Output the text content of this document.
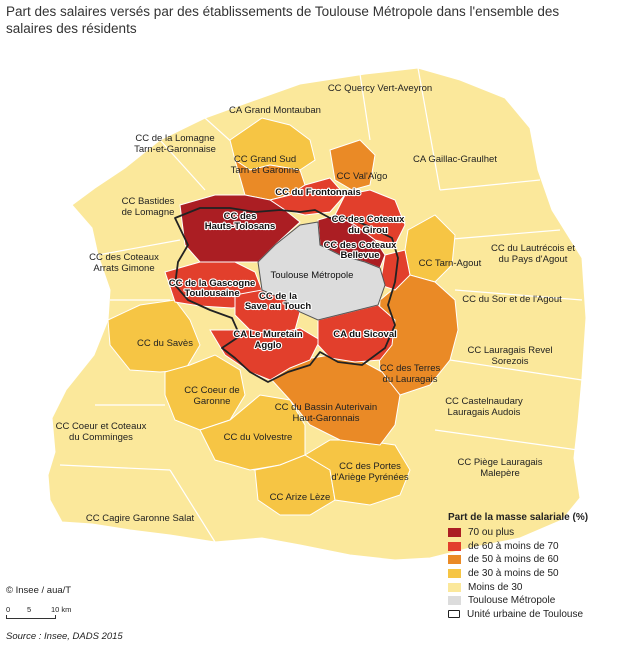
Part des salaires versés par des établissements de Toulouse Métropole dans l'ensemble des salaires des résidents
CC Quercy Vert-Aveyron
CA Grand Montauban
CC de la Lomagne
Tarn-et-Garonnaise
CA Gaillac-Graulhet
CC Grand Sud
Tarn et Garonne
CC Val'Aïgo
CC du Frontonnais
CC Bastides
de Lomagne	CC des
Hauts-Tolosans
CC des Coteaux
du Girou
CC des Coteaux
Bellevue
CC du Lautrécois et
du Pays d'Agout
CC des Coteaux
Arrats Gimone	CC Tarn-Agout
Toulouse Métropole
CC de la Gascogne
Toulousaine CC de la
Save au Touch
CC du Sor et de l'Agout
CC du Savès
CA Le Muretain
Agglo
CA du Sicoval
CC Lauragais Revel
Sorezois
CC des Terres
du Lauragais
CC Coeur de
Garonne	CC Castelnaudary
Lauragais Audois
CC du Bassin Auterivain
Haut-Garonnais
CC Coeur et Coteaux
du Comminges	CC du Volvestre
CC Piège Lauragais
Malepère
CC des Portes
d'Ariège Pyrénées
CC Arize Lèze
CC Cagire Garonne Salat	Part de la masse salariale (%)
70 ou plus
de 60 à moins de 70
de 50 à moins de 60
de 30 à moins de 50
Moins de 30
Toulouse Métropole
Unité urbaine de Toulouse
© Insee / aua/T
0 5	10 km
Source : Insee, DADS 2015
